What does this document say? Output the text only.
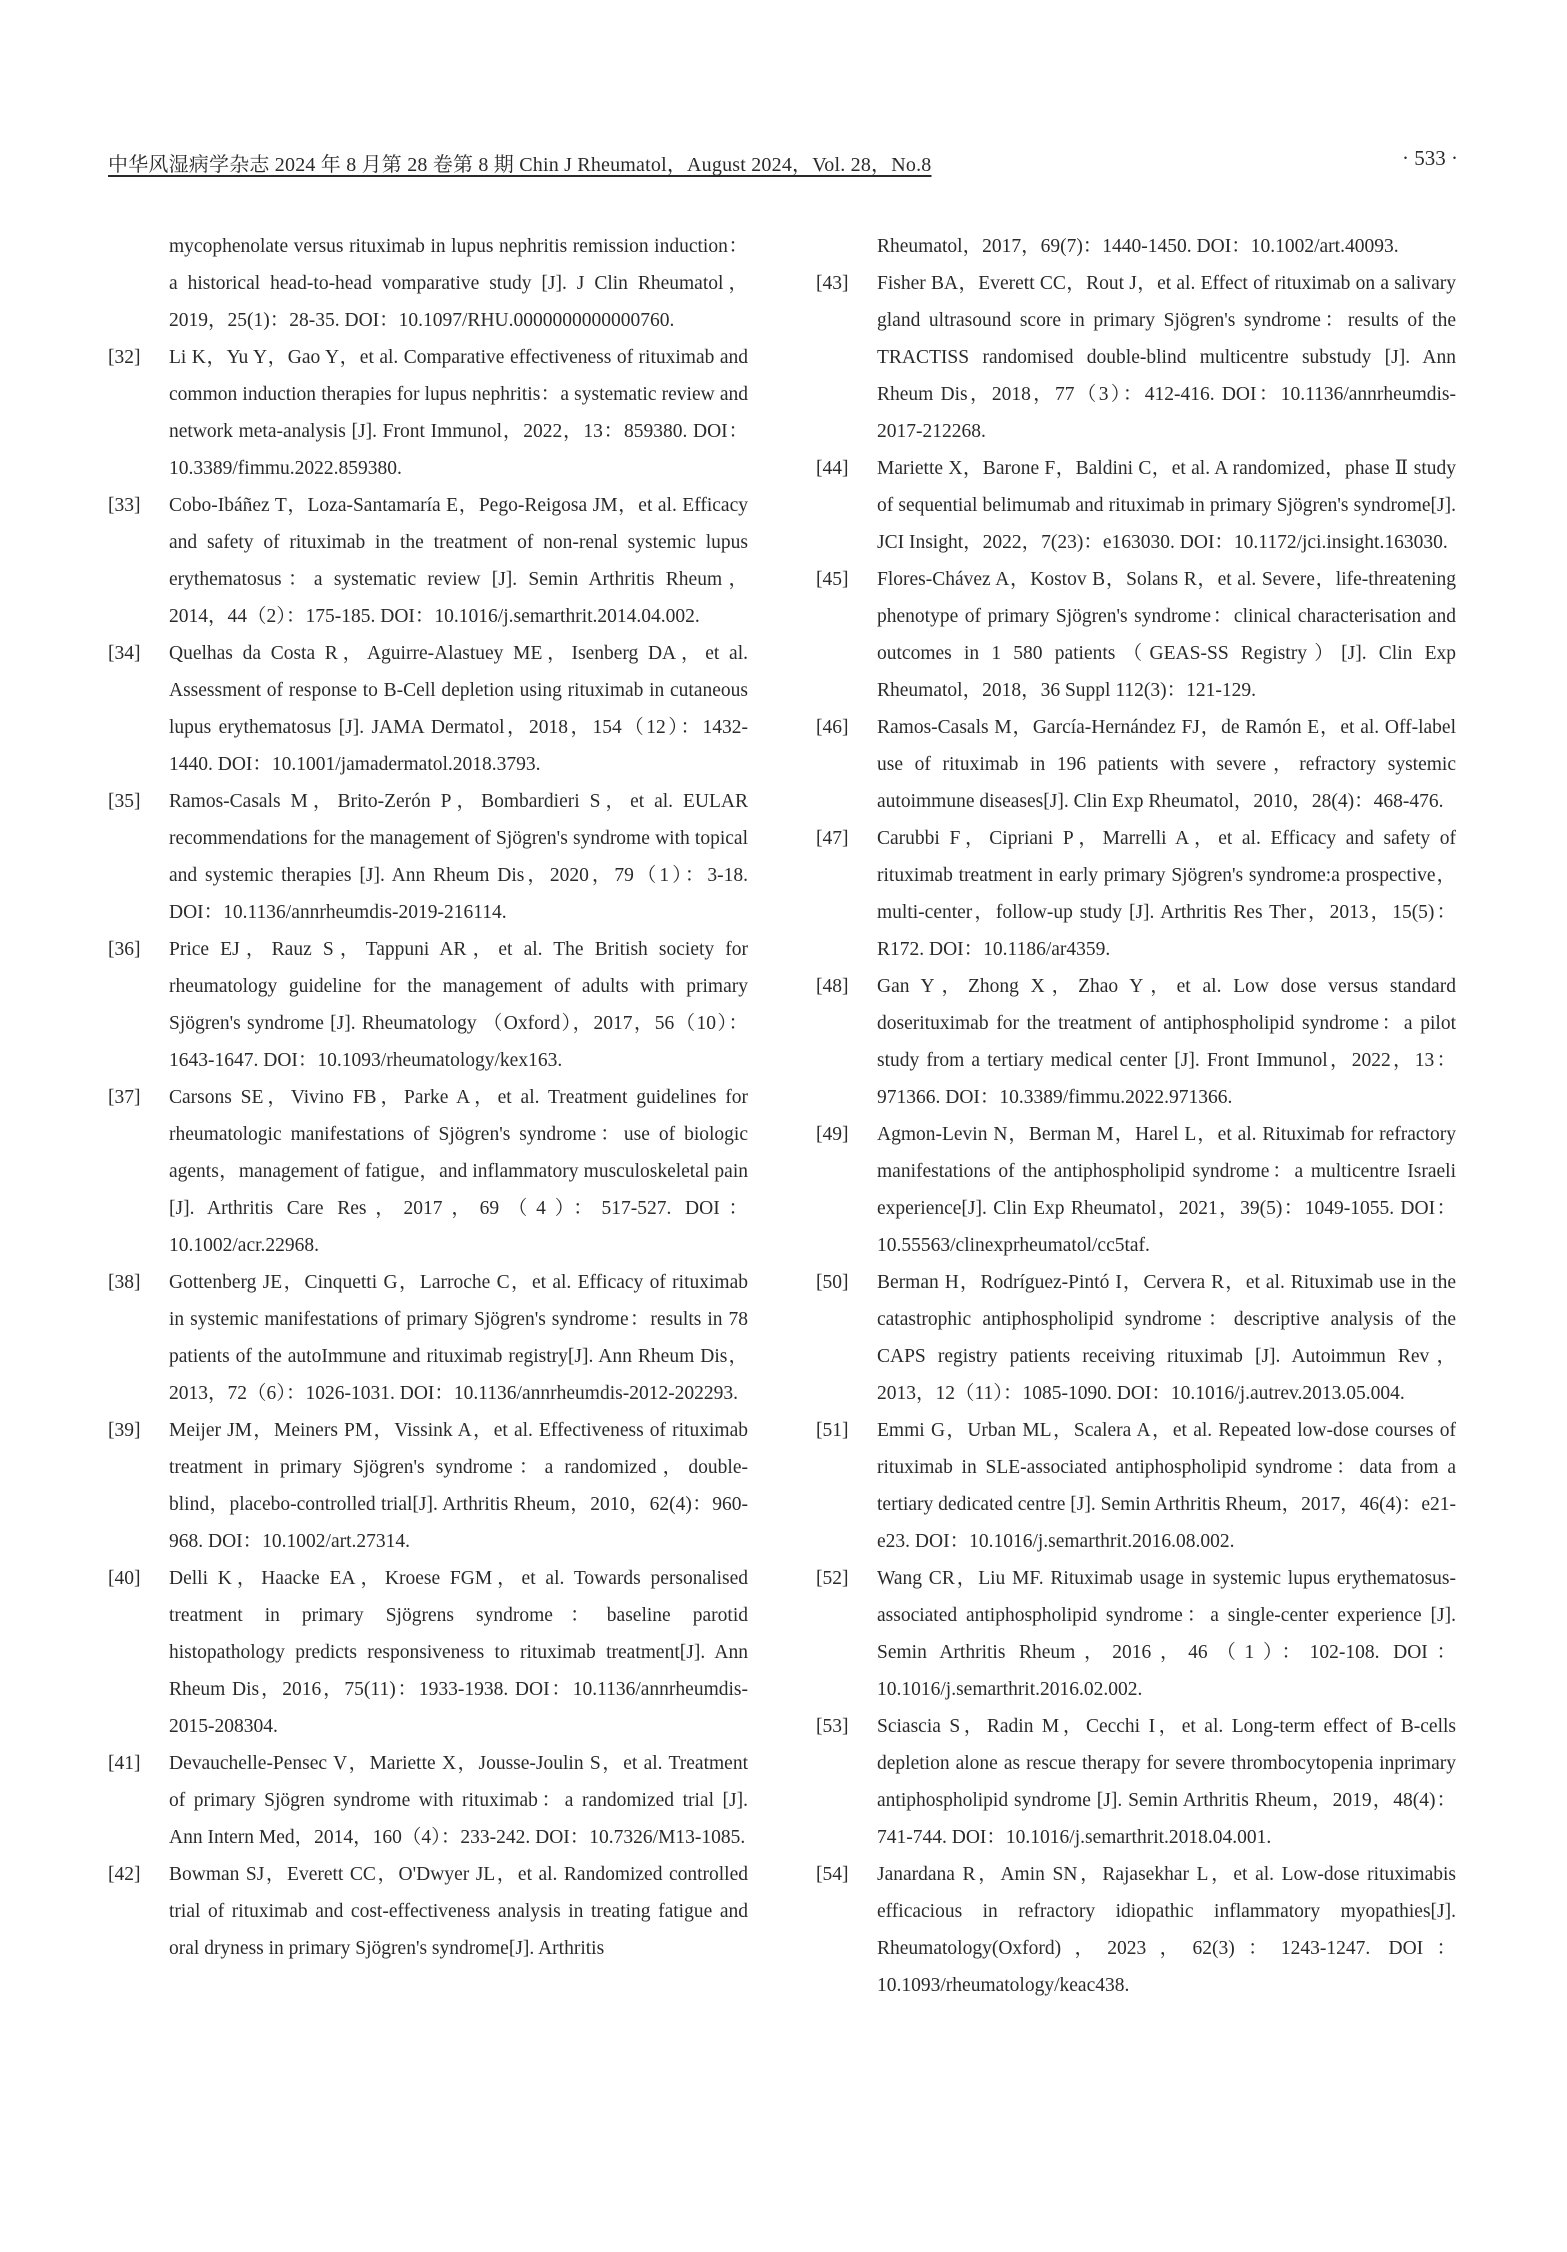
中华风湿病学杂志 2024 年 8 月第 28 卷第 8 期 Chin J Rheumatol，August 2024，Vol. 28，No.8	· 533 ·

mycophenolate versus rituximab in lupus nephritis remission induction：a historical head-to-head vomparative study [J]. J Clin Rheumatol，2019，25(1)：28-35. DOI：10.1097/RHU.0000000000000760.

[32] Li K，Yu Y，Gao Y，et al. Comparative effectiveness of rituximab and common induction therapies for lupus nephritis：a systematic review and network meta-analysis [J]. Front Immunol，2022，13：859380. DOI：10.3389/fimmu.2022.859380.

[33] Cobo-Ibáñez T，Loza-Santamaría E，Pego-Reigosa JM，et al. Efficacy and safety of rituximab in the treatment of non-renal systemic lupus erythematosus：a systematic review [J]. Semin Arthritis Rheum，2014，44（2）：175-185. DOI：10.1016/j.semarthrit.2014.04.002.

[34] Quelhas da Costa R，Aguirre-Alastuey ME，Isenberg DA，et al. Assessment of response to B-Cell depletion using rituximab in cutaneous lupus erythematosus [J]. JAMA Dermatol，2018，154（12）：1432-1440. DOI：10.1001/jamadermatol.2018.3793.

[35] Ramos-Casals M，Brito-Zerón P，Bombardieri S，et al. EULAR recommendations for the management of Sjögren's syndrome with topical and systemic therapies [J]. Ann Rheum Dis，2020，79（1）：3-18. DOI：10.1136/annrheumdis-2019-216114.

[36] Price EJ，Rauz S，Tappuni AR，et al. The British society for rheumatology guideline for the management of adults with primary Sjögren's syndrome [J]. Rheumatology （Oxford），2017，56（10）：1643-1647. DOI：10.1093/rheumatology/kex163.

[37] Carsons SE，Vivino FB，Parke A，et al. Treatment guidelines for rheumatologic manifestations of Sjögren's syndrome：use of biologic agents，management of fatigue，and inflammatory musculoskeletal pain [J]. Arthritis Care Res，2017，69（4）：517-527. DOI：10.1002/acr.22968.

[38] Gottenberg JE，Cinquetti G，Larroche C，et al. Efficacy of rituximab in systemic manifestations of primary Sjögren's syndrome：results in 78 patients of the autoImmune and rituximab registry[J]. Ann Rheum Dis，2013，72（6）：1026-1031. DOI：10.1136/annrheumdis-2012-202293.

[39] Meijer JM，Meiners PM，Vissink A，et al. Effectiveness of rituximab treatment in primary Sjögren's syndrome：a randomized，double-blind，placebo-controlled trial[J]. Arthritis Rheum，2010，62(4)：960-968. DOI：10.1002/art.27314.

[40] Delli K，Haacke EA，Kroese FGM，et al. Towards personalised treatment in primary Sjögrens syndrome：baseline parotid histopathology predicts responsiveness to rituximab treatment[J]. Ann Rheum Dis，2016，75(11)：1933-1938. DOI：10.1136/annrheumdis-2015-208304.

[41] Devauchelle-Pensec V，Mariette X，Jousse-Joulin S，et al. Treatment of primary Sjögren syndrome with rituximab：a randomized trial [J]. Ann Intern Med，2014，160（4）：233-242. DOI：10.7326/M13-1085.

[42] Bowman SJ，Everett CC，O'Dwyer JL，et al. Randomized controlled trial of rituximab and cost-effectiveness analysis in treating fatigue and oral dryness in primary Sjögren's syndrome[J]. Arthritis

Rheumatol，2017，69(7)：1440-1450. DOI：10.1002/art.40093.

[43] Fisher BA，Everett CC，Rout J，et al. Effect of rituximab on a salivary gland ultrasound score in primary Sjögren's syndrome：results of the TRACTISS randomised double-blind multicentre substudy [J]. Ann Rheum Dis，2018，77（3）：412-416. DOI：10.1136/annrheumdis-2017-212268.

[44] Mariette X，Barone F，Baldini C，et al. A randomized，phase Ⅱ study of sequential belimumab and rituximab in primary Sjögren's syndrome[J]. JCI Insight，2022，7(23)：e163030. DOI：10.1172/jci.insight.163030.

[45] Flores-Chávez A，Kostov B，Solans R，et al. Severe，life-threatening phenotype of primary Sjögren's syndrome：clinical characterisation and outcomes in 1 580 patients（GEAS-SS Registry）[J]. Clin Exp Rheumatol，2018，36 Suppl 112(3)：121-129.

[46] Ramos-Casals M，García-Hernández FJ，de Ramón E，et al. Off-label use of rituximab in 196 patients with severe，refractory systemic autoimmune diseases[J]. Clin Exp Rheumatol，2010，28(4)：468-476.

[47] Carubbi F，Cipriani P，Marrelli A，et al. Efficacy and safety of rituximab treatment in early primary Sjögren's syndrome:a prospective，multi-center，follow-up study [J]. Arthritis Res Ther，2013，15(5)：R172. DOI：10.1186/ar4359.

[48] Gan Y，Zhong X，Zhao Y，et al. Low dose versus standard doserituximab for the treatment of antiphospholipid syndrome：a pilot study from a tertiary medical center [J]. Front Immunol，2022，13：971366. DOI：10.3389/fimmu.2022.971366.

[49] Agmon-Levin N，Berman M，Harel L，et al. Rituximab for refractory manifestations of the antiphospholipid syndrome：a multicentre Israeli experience[J]. Clin Exp Rheumatol，2021，39(5)：1049-1055. DOI：10.55563/clinexprheumatol/cc5taf.

[50] Berman H，Rodríguez-Pintó I，Cervera R，et al. Rituximab use in the catastrophic antiphospholipid syndrome：descriptive analysis of the CAPS registry patients receiving rituximab [J]. Autoimmun Rev，2013，12（11）：1085-1090. DOI：10.1016/j.autrev.2013.05.004.

[51] Emmi G，Urban ML，Scalera A，et al. Repeated low-dose courses of rituximab in SLE-associated antiphospholipid syndrome：data from a tertiary dedicated centre [J]. Semin Arthritis Rheum，2017，46(4)：e21-e23. DOI：10.1016/j.semarthrit.2016.08.002.

[52] Wang CR，Liu MF. Rituximab usage in systemic lupus erythematosus-associated antiphospholipid syndrome：a single-center experience [J]. Semin Arthritis Rheum，2016，46（1）：102-108. DOI：10.1016/j.semarthrit.2016.02.002.

[53] Sciascia S，Radin M，Cecchi I，et al. Long-term effect of B-cells depletion alone as rescue therapy for severe thrombocytopenia inprimary antiphospholipid syndrome [J]. Semin Arthritis Rheum，2019，48(4)：741-744. DOI：10.1016/j.semarthrit.2018.04.001.

[54] Janardana R，Amin SN，Rajasekhar L，et al. Low-dose rituximabis efficacious in refractory idiopathic inflammatory myopathies[J]. Rheumatology(Oxford)，2023，62(3)：1243-1247. DOI：10.1093/rheumatology/keac438.
